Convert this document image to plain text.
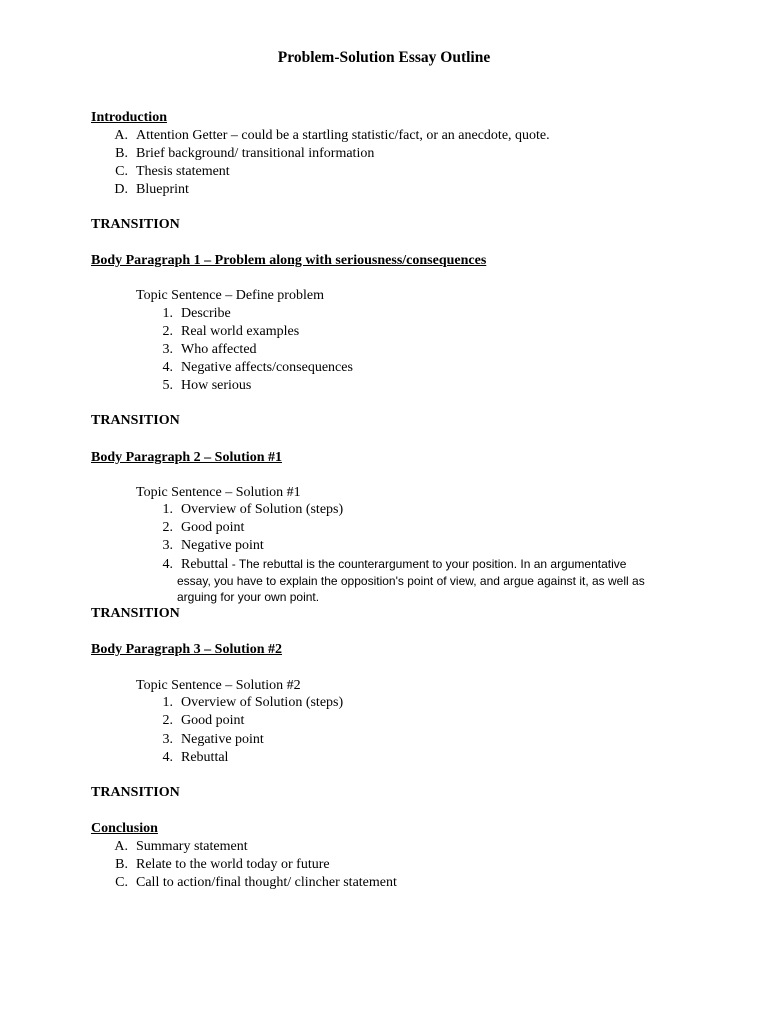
Problem-Solution Essay Outline
Introduction
A. Attention Getter – could be a startling statistic/fact, or an anecdote, quote.
B. Brief background/ transitional information
C. Thesis statement
D. Blueprint
TRANSITION
Body Paragraph 1 – Problem along with seriousness/consequences
Topic Sentence – Define problem
1. Describe
2. Real world examples
3. Who affected
4. Negative affects/consequences
5. How serious
TRANSITION
Body Paragraph 2 – Solution #1
Topic Sentence – Solution #1
1. Overview of Solution (steps)
2. Good point
3. Negative point
4. Rebuttal - The rebuttal is the counterargument to your position. In an argumentative
essay, you have to explain the opposition's point of view, and argue against it, as well as
arguing for your own point.
TRANSITION
Body Paragraph 3 – Solution #2
Topic Sentence – Solution #2
1. Overview of Solution (steps)
2. Good point
3. Negative point
4. Rebuttal
TRANSITION
Conclusion
A. Summary statement
B. Relate to the world today or future
C. Call to action/final thought/ clincher statement
